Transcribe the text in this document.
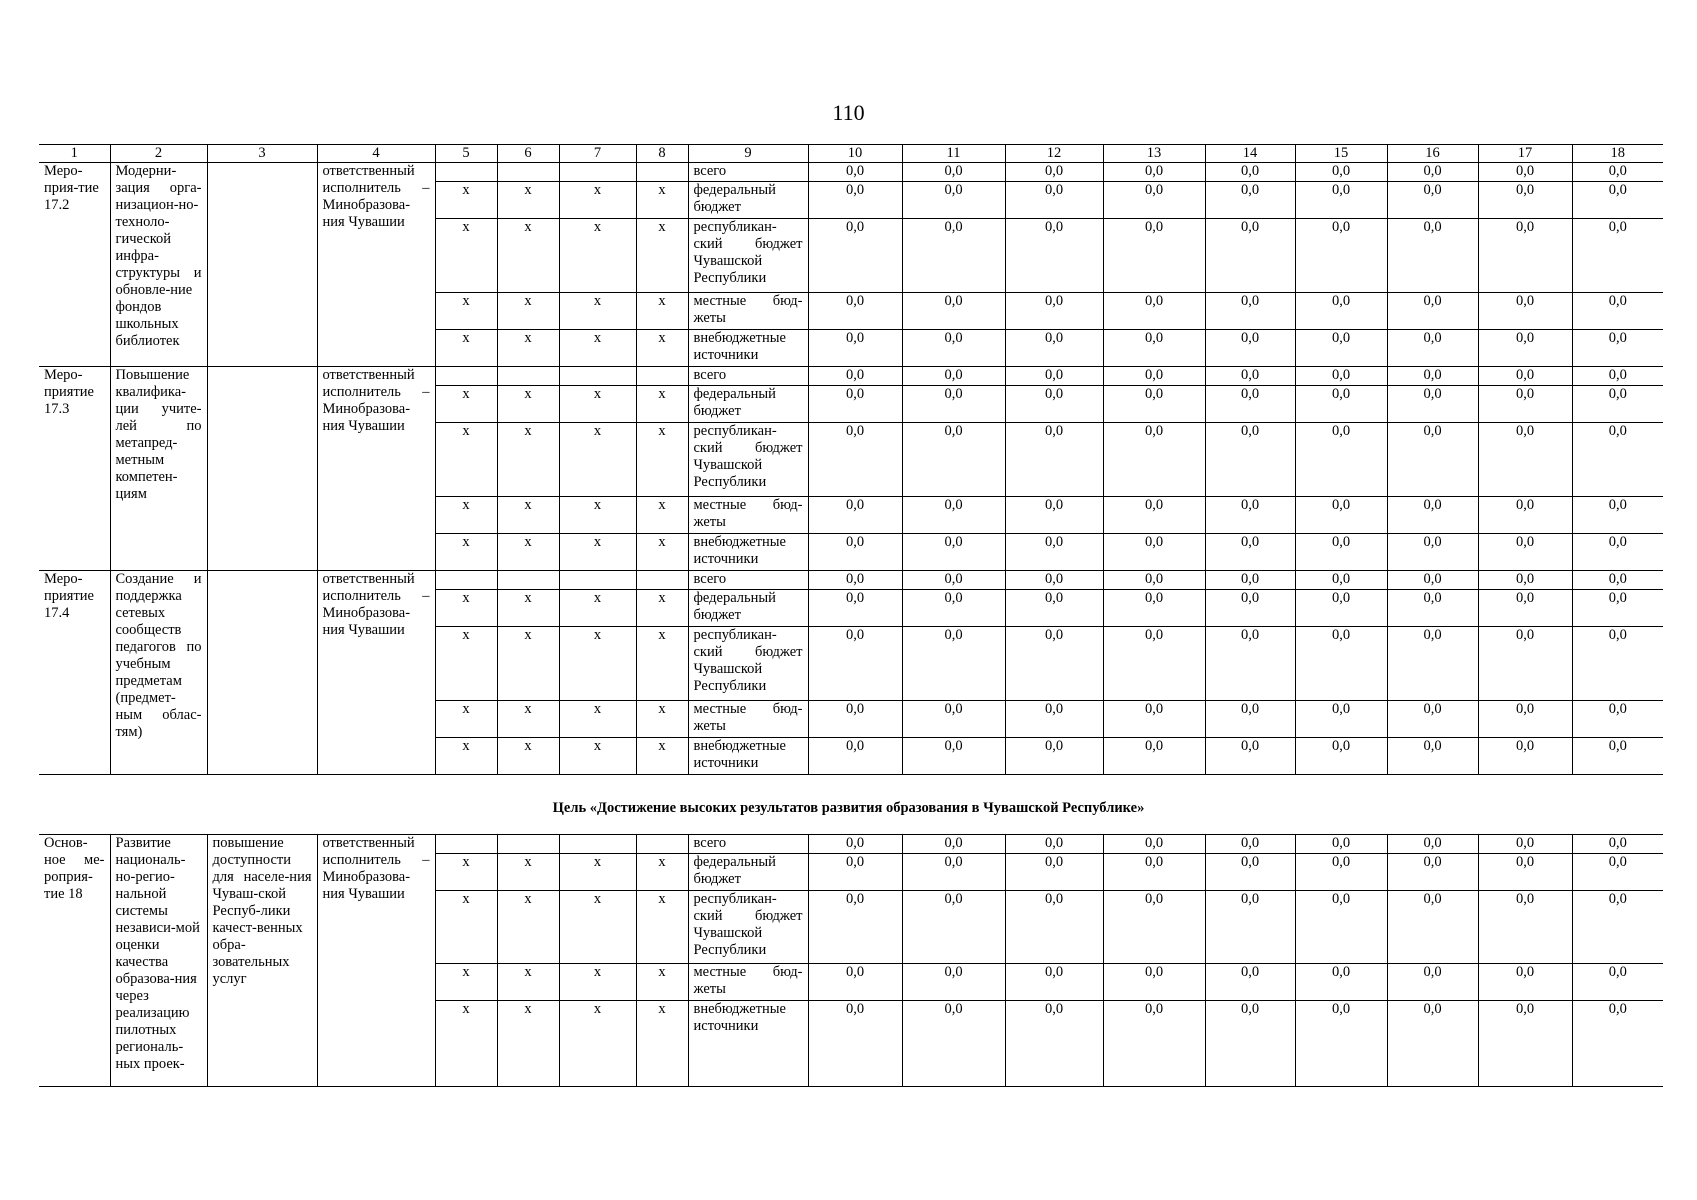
110
1	2	3	4	5	6	7	8	9	10	11	12	13	14	15	16	17	18
Меро-прия-тие 17.2	Модерни-зация орга-низацион-но-техноло-гической инфра-структуры и обновле-ние фондов школьных библиотек		ответственный исполнитель – Минобразова-ния Чувашии					всего	0,0	0,0	0,0	0,0	0,0	0,0	0,0	0,0	0,0
				х	х	х	х	федеральный бюджет	0,0	0,0	0,0	0,0	0,0	0,0	0,0	0,0	0,0
				х	х	х	х	республикан-ский бюджет Чувашской Республики	0,0	0,0	0,0	0,0	0,0	0,0	0,0	0,0	0,0
				х	х	х	х	местные бюд-жеты	0,0	0,0	0,0	0,0	0,0	0,0	0,0	0,0	0,0
				х	х	х	х	внебюджетные источники	0,0	0,0	0,0	0,0	0,0	0,0	0,0	0,0	0,0
Меро-приятие 17.3	Повышение квалифика-ции учите-лей по метапред-метным компетен-циям		ответственный исполнитель – Минобразова-ния Чувашии					всего	0,0	0,0	0,0	0,0	0,0	0,0	0,0	0,0	0,0
				х	х	х	х	федеральный бюджет	0,0	0,0	0,0	0,0	0,0	0,0	0,0	0,0	0,0
				х	х	х	х	республикан-ский бюджет Чувашской Республики	0,0	0,0	0,0	0,0	0,0	0,0	0,0	0,0	0,0
				х	х	х	х	местные бюд-жеты	0,0	0,0	0,0	0,0	0,0	0,0	0,0	0,0	0,0
				х	х	х	х	внебюджетные источники	0,0	0,0	0,0	0,0	0,0	0,0	0,0	0,0	0,0
Меро-приятие 17.4	Создание и поддержка сетевых сообществ педагогов по учебным предметам (предмет-ным облас-тям)		ответственный исполнитель – Минобразова-ния Чувашии					всего	0,0	0,0	0,0	0,0	0,0	0,0	0,0	0,0	0,0
				х	х	х	х	федеральный бюджет	0,0	0,0	0,0	0,0	0,0	0,0	0,0	0,0	0,0
				х	х	х	х	республикан-ский бюджет Чувашской Республики	0,0	0,0	0,0	0,0	0,0	0,0	0,0	0,0	0,0
				х	х	х	х	местные бюд-жеты	0,0	0,0	0,0	0,0	0,0	0,0	0,0	0,0	0,0
				х	х	х	х	внебюджетные источники	0,0	0,0	0,0	0,0	0,0	0,0	0,0	0,0	0,0
Цель «Достижение высоких результатов развития образования в Чувашской Республике»
Основ-ное ме-роприя-тие 18	Развитие националь-но-регио-нальной системы независи-мой оценки качества образова-ния через реализацию пилотных региональ-ных проек-	повышение доступности для населе-ния Чуваш-ской Респуб-лики качест-венных обра-зовательных услуг	ответственный исполнитель – Минобразова-ния Чувашии					всего	0,0	0,0	0,0	0,0	0,0	0,0	0,0	0,0	0,0
				х	х	х	х	федеральный бюджет	0,0	0,0	0,0	0,0	0,0	0,0	0,0	0,0	0,0
				х	х	х	х	республикан-ский бюджет Чувашской Республики	0,0	0,0	0,0	0,0	0,0	0,0	0,0	0,0	0,0
				х	х	х	х	местные бюд-жеты	0,0	0,0	0,0	0,0	0,0	0,0	0,0	0,0	0,0
				х	х	х	х	внебюджетные источники	0,0	0,0	0,0	0,0	0,0	0,0	0,0	0,0	0,0
